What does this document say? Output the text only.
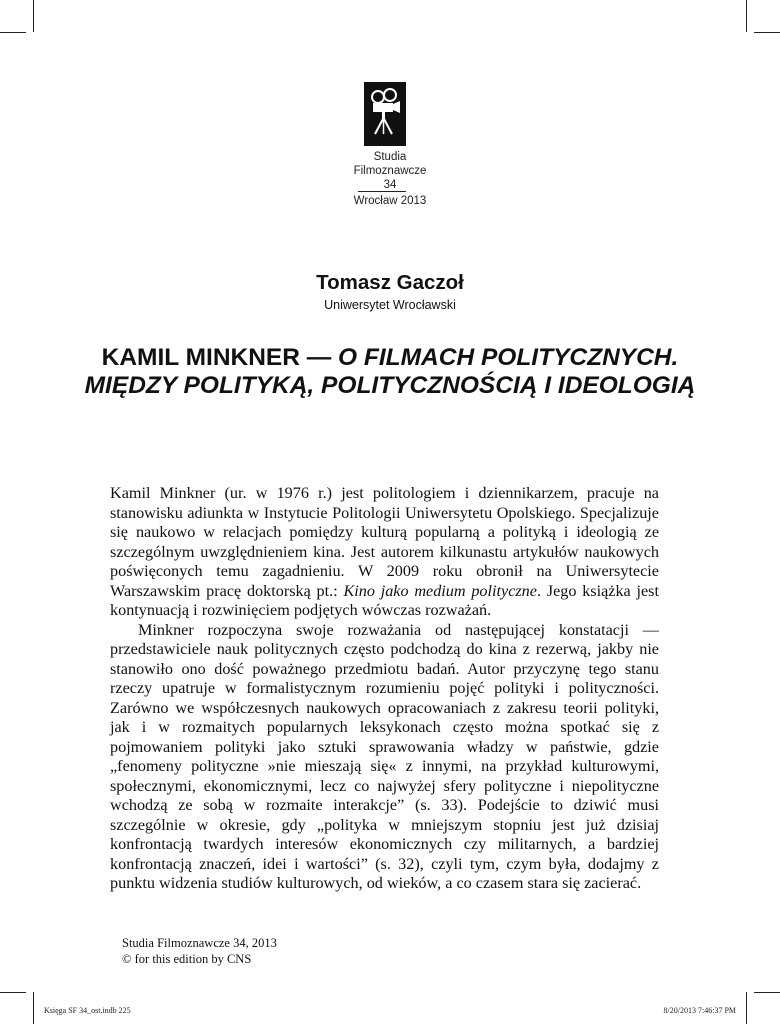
Studia
Filmoznawcze
34
Wrocław 2013
Tomasz Gaczoł
Uniwersytet Wrocławski
KAMIL MINKNER — O FILMACH POLITYCZNYCH. MIĘDZY POLITYKĄ, POLITYCZNOŚCIĄ I IDEOLOGIĄ

Kamil Minkner (ur. w 1976 r.) jest politologiem i dziennikarzem, pracuje na stanowisku adiunkta w Instytucie Politologii Uniwersytetu Opolskiego. Specjalizuje się naukowo w relacjach pomiędzy kulturą popularną a polityką i ideologią ze szczególnym uwzględnieniem kina. Jest autorem kilkunastu artykułów naukowych poświęconych temu zagadnieniu. W 2009 roku obronił na Uniwersytecie Warszawskim pracę doktorską pt.: Kino jako medium polityczne. Jego książka jest kontynuacją i rozwinięciem podjętych wówczas rozważań.

Minkner rozpoczyna swoje rozważania od następującej konstatacji — przedstawiciele nauk politycznych często podchodzą do kina z rezerwą, jakby nie stanowiło ono dość poważnego przedmiotu badań. Autor przyczynę tego stanu rzeczy upatruje w formalistycznym rozumieniu pojęć polityki i polityczności. Zarówno we współczesnych naukowych opracowaniach z zakresu teorii polityki, jak i w rozmaitych popularnych leksykonach często można spotkać się z pojmowaniem polityki jako sztuki sprawowania władzy w państwie, gdzie „fenomeny polityczne »nie mieszają się« z innymi, na przykład kulturowymi, społecznymi, ekonomicznymi, lecz co najwyżej sfery polityczne i niepolityczne wchodzą ze sobą w rozmaite interakcje” (s. 33). Podejście to dziwić musi szczególnie w okresie, gdy „polityka w mniejszym stopniu jest już dzisiaj konfrontacją twardych interesów ekonomicznych czy militarnych, a bardziej konfrontacją znaczeń, idei i wartości” (s. 32), czyli tym, czym była, dodajmy z punktu widzenia studiów kulturowych, od wieków, a co czasem stara się zacierać.

Studia Filmoznawcze 34, 2013
© for this edition by CNS
Księga SF 34_ost.indb 225	8/20/2013 7:46:37 PM
